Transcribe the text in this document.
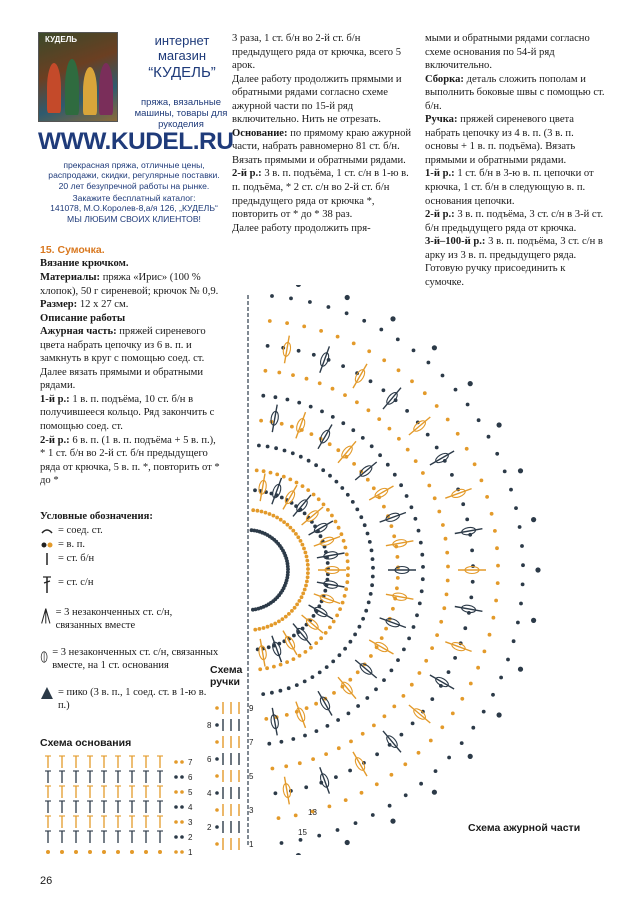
КУДЕЛЬ	интернет
магазин
“КУДЕЛЬ”
пряжа, вязальные машины, товары для рукоделия
WWW.KUDEL.RU
прекрасная пряжа, отличные цены, распродажи, скидки, регулярные поставки.
20 лет безупречной работы на рынке.
Закажите бесплатный каталог:
141078, М.О.Королев-8,а/я 126, „КУДЕЛЬ“
МЫ ЛЮБИМ СВОИХ КЛИЕНТОВ!

15. Сумочка.

Вязание крючком.

Материалы: пряжа «Ирис» (100 % хлопок), 50 г сиреневой; крючок № 0,9.

Размер: 12 х 27 см.

Описание работы

Ажурная часть: пряжей сиреневого цвета набрать цепочку из 6 в. п. и замкнуть в круг с помощью соед. ст. Далее вязать прямыми и обратными рядами.

1-й р.: 1 в. п. подъёма, 10 ст. б/н в получившееся кольцо. Ряд закончить с помощью соед. ст.

2-й р.: 6 в. п. (1 в. п. подъёма + 5 в. п.), * 1 ст. б/н во 2-й ст. б/н предыдущего ряда от крючка, 5 в. п. *, повторить от * до *

Условные обозначения:

= соед. ст.
= в. п.
= ст. б/н
= ст. с/н
= 3 незаконченных ст. с/н, связанных вместе
= 3 незаконченных ст. с/н, связанных вместе, на 1 ст. основания
= пико (3 в. п., 1 соед. ст. в 1-ю в. п.)

3 раза, 1 ст. б/н во 2-й ст. б/н предыдущего ряда от крючка, всего 5 арок.

Далее работу продолжить прямыми и обратными рядами согласно схеме ажурной части по 15-й ряд включительно. Нить не отрезать.

Основание: по прямому краю ажурной части, набрать равномерно 81 ст. б/н. Вязать прямыми и обратными рядами.

2-й р.: 3 в. п. подъёма, 1 ст. с/н в 1-ю в. п. подъёма, * 2 ст. с/н во 2-й ст. б/н предыдущего ряда от крючка *, повторить от * до * 38 раз.

Далее работу продолжить пря-

мыми и обратными рядами согласно схеме основания по 54-й ряд включительно.

Сборка: деталь сложить пополам и выполнить боковые швы с помощью ст. б/н.

Ручка: пряжей сиреневого цвета набрать цепочку из 4 в. п. (3 в. п. основы + 1 в. п. подъёма). Вязать прямыми и обратными рядами.

1-й р.: 1 ст. б/н в 3-ю в. п. цепочки от крючка, 1 ст. б/н в следующую в. п. основания цепочки.

2-й р.: 3 в. п. подъёма, 3 ст. с/н в 3-й ст. б/н предыдущего ряда от крючка.

3-й–100-й р.: 3 в. п. подъёма, 3 ст. с/н в арку из 3 в. п. предыдущего ряда.

Готовую ручку присоединить к сумочке.

Схема основания
7
6
5
4
3
2
1
Схема ручки
9
8
7
6
5
4
3
2
1
13
15	Схема ажурной части
26
